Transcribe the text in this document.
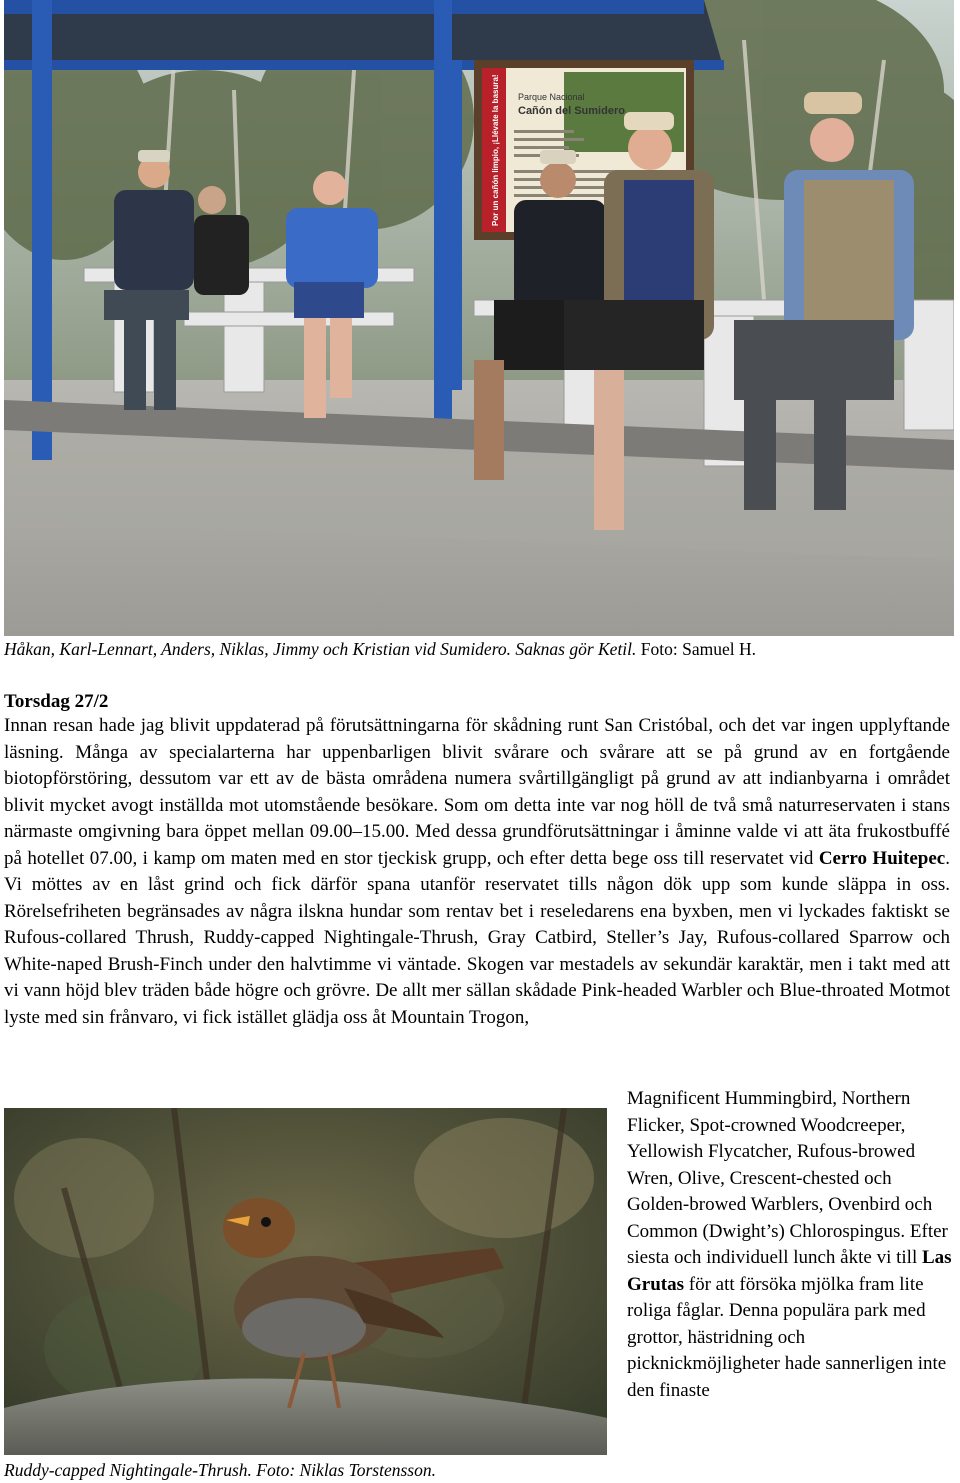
Parque Nacional
Cañón del Sumidero
Por un cañón limpio, ¡Llévate la basura!
Håkan, Karl-Lennart, Anders, Niklas, Jimmy och Kristian vid Sumidero. Saknas gör Ketil. Foto: Samuel H.
Torsdag 27/2
Innan resan hade jag blivit uppdaterad på förutsättningarna för skådning runt San Cristóbal, och det var ingen upplyftande läsning. Många av specialarterna har uppenbarligen blivit svårare och svårare att se på grund av en fortgående biotopförstöring, dessutom var ett av de bästa områdena numera svårtillgängligt på grund av att indianbyarna i området blivit mycket avogt inställda mot utomstående besökare. Som om detta inte var nog höll de två små naturreservaten i stans närmaste omgivning bara öppet mellan 09.00–15.00. Med dessa grundförutsättningar i åminne valde vi att äta frukostbuffé på hotellet 07.00, i kamp om maten med en stor tjeckisk grupp, och efter detta bege oss till reservatet vid Cerro Huitepec. Vi möttes av en låst grind och fick därför spana utanför reservatet tills någon dök upp som kunde släppa in oss. Rörelsefriheten begränsades av några ilskna hundar som rentav bet i reseledarens ena byxben, men vi lyckades faktiskt se Rufous-collared Thrush, Ruddy-capped Nightingale-Thrush, Gray Catbird, Steller’s Jay, Rufous-collared Sparrow och White-naped Brush-Finch under den halvtimme vi väntade. Skogen var mestadels av sekundär karaktär, men i takt med att vi vann höjd blev träden både högre och grövre. De allt mer sällan skådade Pink-headed Warbler och Blue-throated Motmot lyste med sin frånvaro, vi fick istället glädja oss åt Mountain Trogon,
Magnificent Hummingbird, Northern Flicker, Spot-crowned Woodcreeper, Yellowish Flycatcher, Rufous-browed Wren, Olive, Crescent-chested och Golden-browed Warblers, Ovenbird och Common (Dwight’s) Chlorospingus. Efter siesta och individuell lunch åkte vi till Las Grutas för att försöka mjölka fram lite roliga fåglar. Denna populära park med grottor, hästridning och picknickmöjligheter hade sannerligen inte den finaste
Ruddy-capped Nightingale-Thrush. Foto: Niklas Torstensson.
